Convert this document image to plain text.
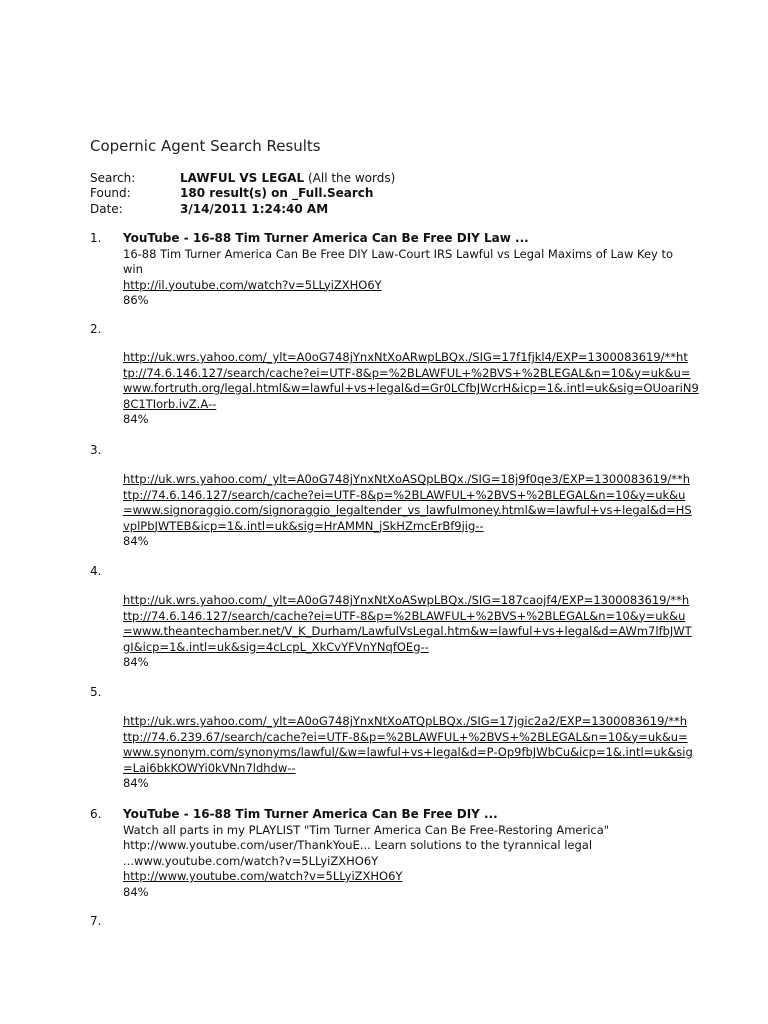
Copernic Agent Search Results
Search:	LAWFUL VS LEGAL (All the words)
Found:	180 result(s) on _Full.Search
Date:	3/14/2011 1:24:40 AM
1. YouTube - 16-88 Tim Turner America Can Be Free DIY Law ...
16-88 Tim Turner America Can Be Free DIY Law-Court IRS Lawful vs Legal Maxims of Law Key to win
http://il.youtube.com/watch?v=5LLyiZXHO6Y
86%
2.
http://uk.wrs.yahoo.com/_ylt=A0oG748jYnxNtXoARwpLBQx./SIG=17f1fjkl4/EXP=1300083619/**ht
tp://74.6.146.127/search/cache?ei=UTF-8&p=%2BLAWFUL+%2BVS+%2BLEGAL&n=10&y=uk&u=
www.fortruth.org/legal.html&w=lawful+vs+legal&d=Gr0LCfbJWcrH&icp=1&.intl=uk&sig=OUoariN9
8C1TIorb.ivZ.A--
84%
3.
http://uk.wrs.yahoo.com/_ylt=A0oG748jYnxNtXoASQpLBQx./SIG=18j9f0qe3/EXP=1300083619/**h
ttp://74.6.146.127/search/cache?ei=UTF-8&p=%2BLAWFUL+%2BVS+%2BLEGAL&n=10&y=uk&u
=www.signoraggio.com/signoraggio_legaltender_vs_lawfulmoney.html&w=lawful+vs+legal&d=HS
vplPbJWTEB&icp=1&.intl=uk&sig=HrAMMN_jSkHZmcErBf9jig--
84%
4.
http://uk.wrs.yahoo.com/_ylt=A0oG748jYnxNtXoASwpLBQx./SIG=187caojf4/EXP=1300083619/**h
ttp://74.6.146.127/search/cache?ei=UTF-8&p=%2BLAWFUL+%2BVS+%2BLEGAL&n=10&y=uk&u
=www.theantechamber.net/V_K_Durham/LawfulVsLegal.htm&w=lawful+vs+legal&d=AWm7lfbJWT
gI&icp=1&.intl=uk&sig=4cLcpL_XkCvYFVnYNqfOEg--
84%
5.
http://uk.wrs.yahoo.com/_ylt=A0oG748jYnxNtXoATQpLBQx./SIG=17jgic2a2/EXP=1300083619/**h
ttp://74.6.239.67/search/cache?ei=UTF-8&p=%2BLAWFUL+%2BVS+%2BLEGAL&n=10&y=uk&u=
www.synonym.com/synonyms/lawful/&w=lawful+vs+legal&d=P-Op9fbJWbCu&icp=1&.intl=uk&sig
=Lai6bkKOWYi0kVNn7ldhdw--
84%
6. YouTube - 16-88 Tim Turner America Can Be Free DIY ...
Watch all parts in my PLAYLIST "Tim Turner America Can Be Free-Restoring America"
http://www.youtube.com/user/ThankYouE... Learn solutions to the tyrannical legal
...www.youtube.com/watch?v=5LLyiZXHO6Y
http://www.youtube.com/watch?v=5LLyiZXHO6Y
84%
7.
